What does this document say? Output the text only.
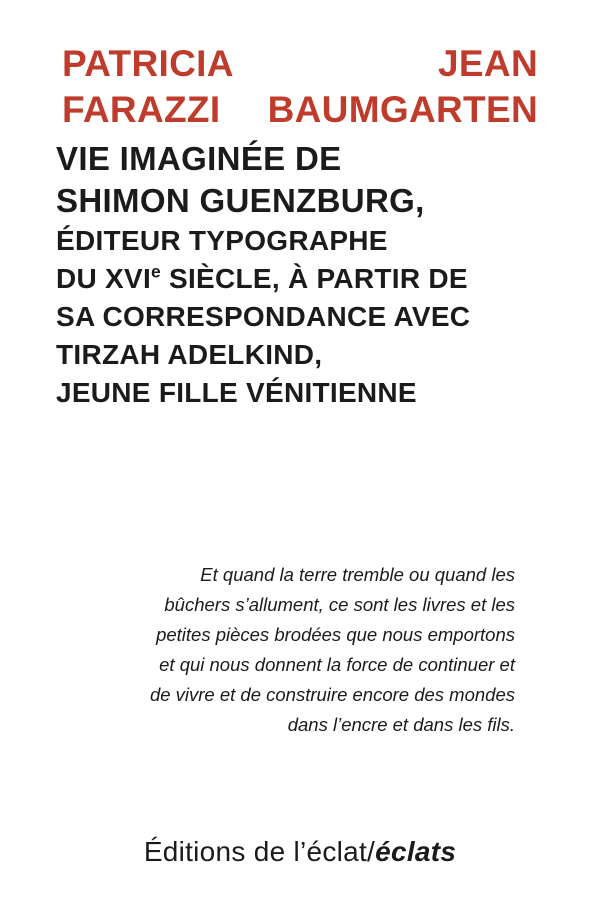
PATRICIA	JEAN
FARAZZI BAUMGARTEN
VIE IMAGINÉE DE
SHIMON GUENZBURG,
ÉDITEUR TYPOGRAPHE
DU XVIe SIÈCLE, À PARTIR DE
SA CORRESPONDANCE AVEC
TIRZAH ADELKIND,
JEUNE FILLE VÉNITIENNE

Et quand la terre tremble ou quand les

bûchers s’allument, ce sont les livres et les

petites pièces brodées que nous emportons

et qui nous donnent la force de continuer et

de vivre et de construire encore des mondes

dans l’encre et dans les fils.

Éditions de l’éclat/éclats
